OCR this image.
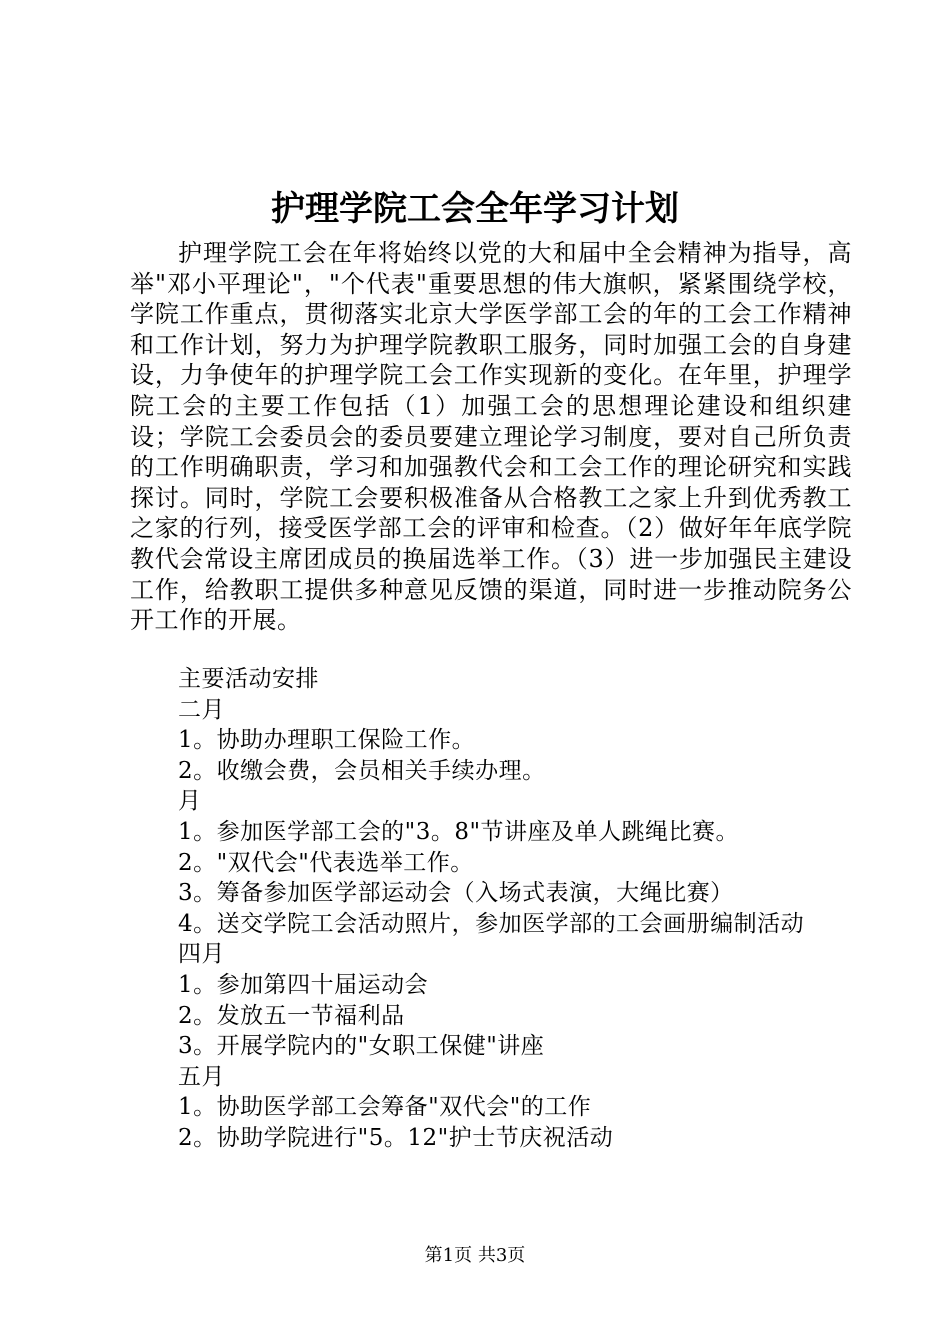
护理学院工会全年学习计划

护理学院工会在年将始终以党的大和届中全会精神为指导，高举"邓小平理论"，"个代表"重要思想的伟大旗帜，紧紧围绕学校，学院工作重点，贯彻落实北京大学医学部工会的年的工会工作精神和工作计划，努力为护理学院教职工服务，同时加强工会的自身建设，力争使年的护理学院工会工作实现新的变化。在年里，护理学院工会的主要工作包括（1）加强工会的思想理论建设和组织建设；学院工会委员会的委员要建立理论学习制度，要对自己所负责的工作明确职责，学习和加强教代会和工会工作的理论研究和实践探讨。同时，学院工会要积极准备从合格教工之家上升到优秀教工之家的行列，接受医学部工会的评审和检查。（2）做好年年底学院教代会常设主席团成员的换届选举工作。（3）进一步加强民主建设工作，给教职工提供多种意见反馈的渠道，同时进一步推动院务公开工作的开展。

主要活动安排
二月
1。协助办理职工保险工作。
2。收缴会费，会员相关手续办理。
月
1。参加医学部工会的"3。8"节讲座及单人跳绳比赛。
2。"双代会"代表选举工作。
3。筹备参加医学部运动会（入场式表演，大绳比赛）
4。送交学院工会活动照片，参加医学部的工会画册编制活动
四月
1。参加第四十届运动会
2。发放五一节福利品
3。开展学院内的"女职工保健"讲座
五月
1。协助医学部工会筹备"双代会"的工作
2。协助学院进行"5。12"护士节庆祝活动
第1页 共3页
